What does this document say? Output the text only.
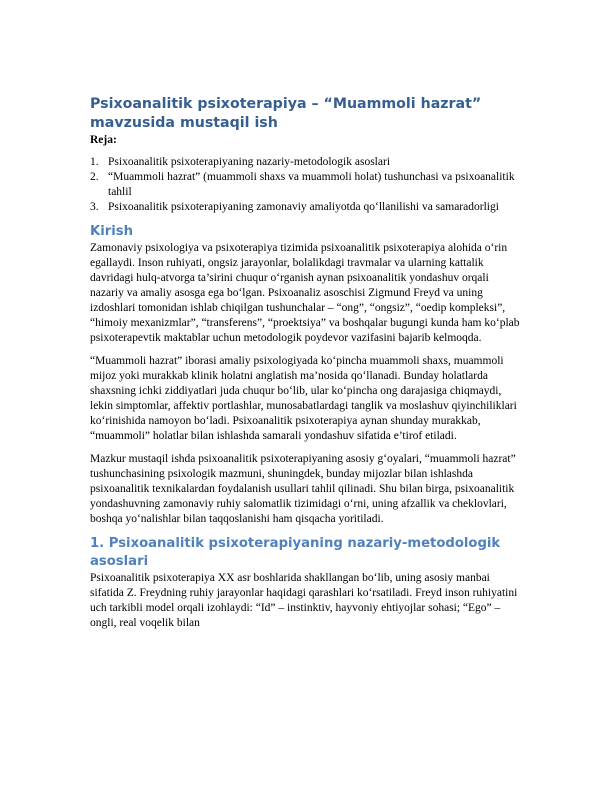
Psixoanalitik psixoterapiya – “Muammoli hazrat” mavzusida mustaqil ish

Reja:

1. Psixoanalitik psixoterapiyaning nazariy-metodologik asoslari
2. “Muammoli hazrat” (muammoli shaxs va muammoli holat) tushunchasi va psixoanalitik tahlil
3. Psixoanalitik psixoterapiyaning zamonaviy amaliyotda qo‘llanilishi va samaradorligi
Kirish

Zamonaviy psixologiya va psixoterapiya tizimida psixoanalitik psixoterapiya alohida o‘rin egallaydi. Inson ruhiyati, ongsiz jarayonlar, bolalikdagi travmalar va ularning kattalik davridagi hulq-atvorga ta’sirini chuqur o‘rganish aynan psixoanalitik yondashuv orqali nazariy va amaliy asosga ega bo‘lgan. Psixoanaliz asoschisi Zigmund Freyd va uning izdoshlari tomonidan ishlab chiqilgan tushunchalar – “ong”, “ongsiz”, “oedip kompleksi”, “himoiy mexanizmlar”, “transferens”, “proektsiya” va boshqalar bugungi kunda ham ko‘plab psixoterapevtik maktablar uchun metodologik poydevor vazifasini bajarib kelmoqda.

“Muammoli hazrat” iborasi amaliy psixologiyada ko‘pincha muammoli shaxs, muammoli mijoz yoki murakkab klinik holatni anglatish ma’nosida qo‘llanadi. Bunday holatlarda shaxsning ichki ziddiyatlari juda chuqur bo‘lib, ular ko‘pincha ong darajasiga chiqmaydi, lekin simptomlar, affektiv portlashlar, munosabatlardagi tanglik va moslashuv qiyinchiliklari ko‘rinishida namoyon bo‘ladi. Psixoanalitik psixoterapiya aynan shunday murakkab, “muammoli” holatlar bilan ishlashda samarali yondashuv sifatida e’tirof etiladi.

Mazkur mustaqil ishda psixoanalitik psixoterapiyaning asosiy g‘oyalari, “muammoli hazrat” tushunchasining psixologik mazmuni, shuningdek, bunday mijozlar bilan ishlashda psixoanalitik texnikalardan foydalanish usullari tahlil qilinadi. Shu bilan birga, psixoanalitik yondashuvning zamonaviy ruhiy salomatlik tizimidagi o‘rni, uning afzallik va cheklovlari, boshqa yo‘nalishlar bilan taqqoslanishi ham qisqacha yoritiladi.

1. Psixoanalitik psixoterapiyaning nazariy-metodologik asoslari

Psixoanalitik psixoterapiya XX asr boshlarida shakllangan bo‘lib, uning asosiy manbai sifatida Z. Freydning ruhiy jarayonlar haqidagi qarashlari ko‘rsatiladi. Freyd inson ruhiyatini uch tarkibli model orqali izohlaydi: “Id” – instinktiv, hayvoniy ehtiyojlar sohasi; “Ego” – ongli, real voqelik bilan
